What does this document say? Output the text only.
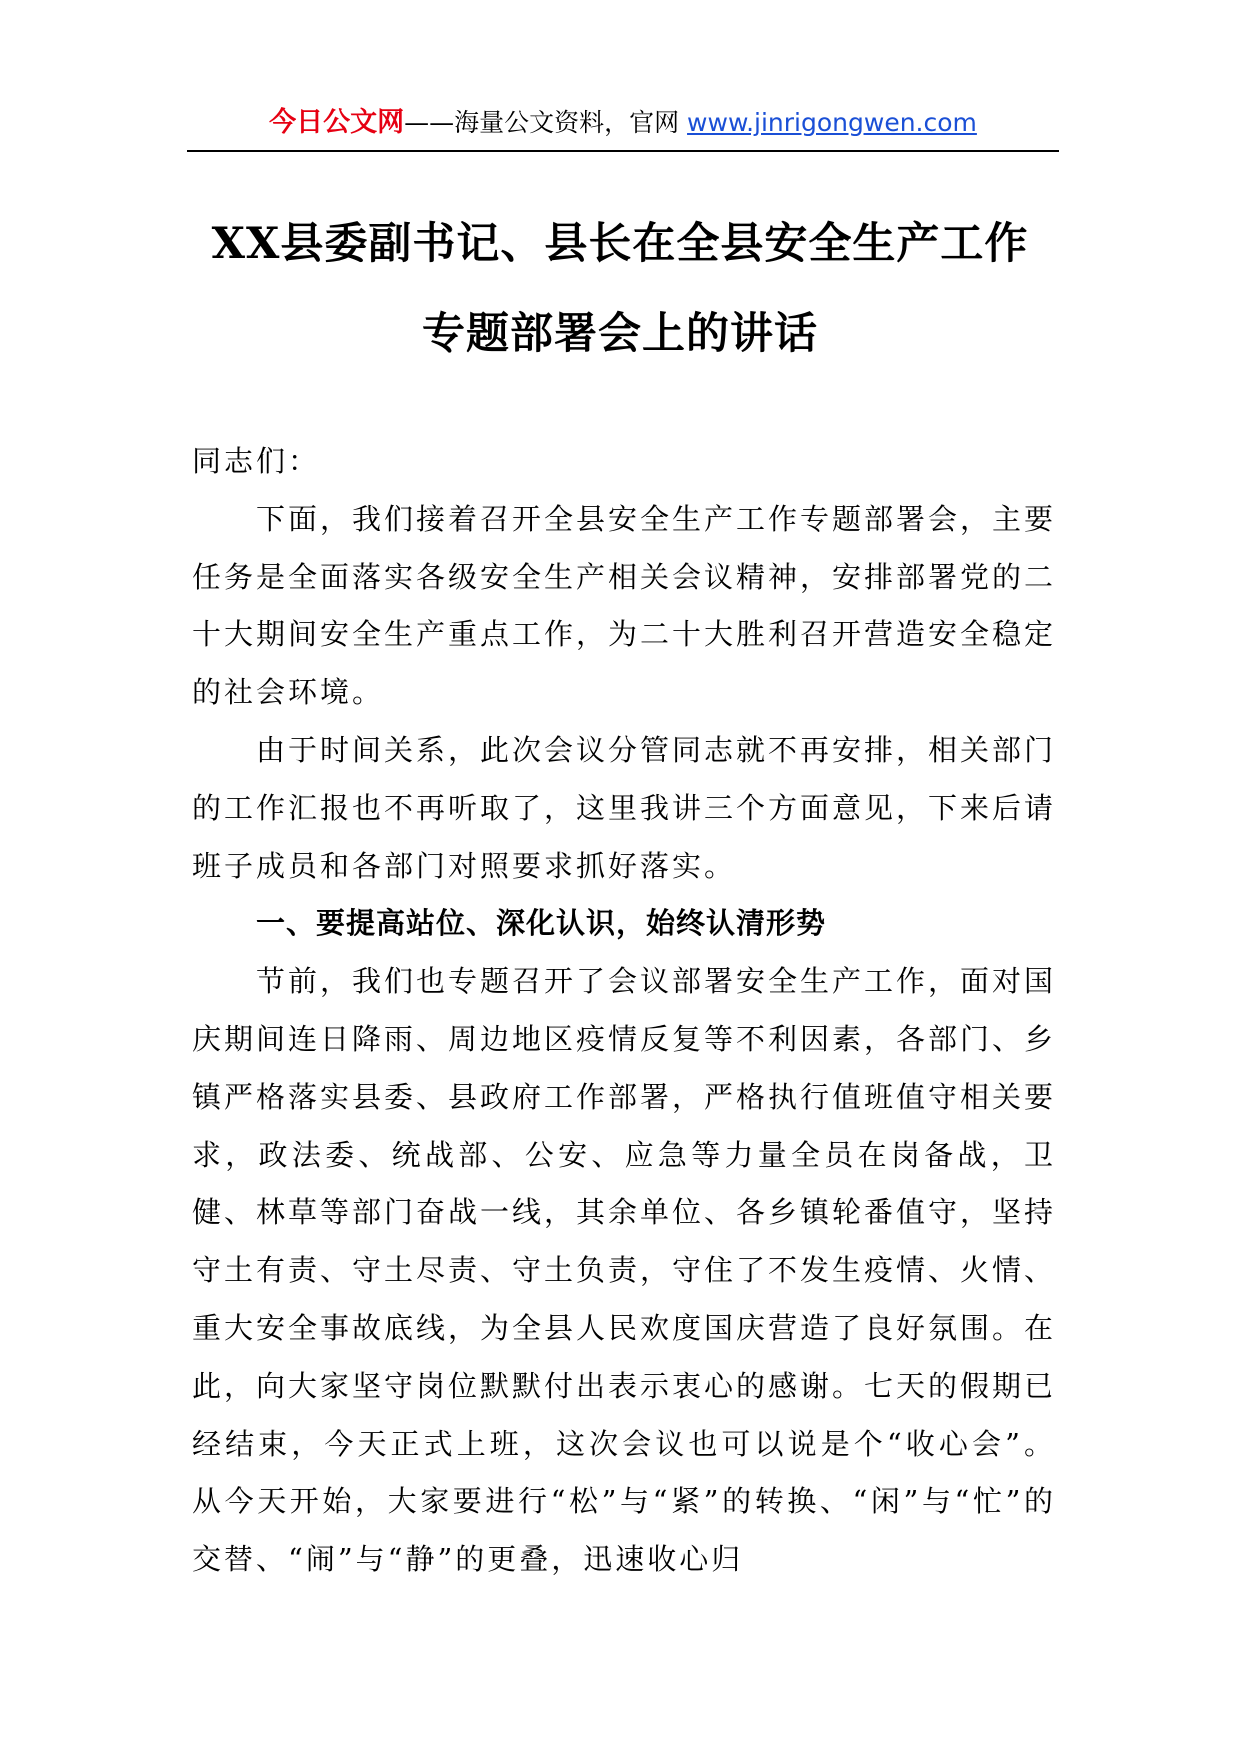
今日公文网——海量公文资料，官网 www.jinrigongwen.com
XX县委副书记、县长在全县安全生产工作
专题部署会上的讲话

同志们：

下面，我们接着召开全县安全生产工作专题部署会，主要任务是全面落实各级安全生产相关会议精神，安排部署党的二十大期间安全生产重点工作，为二十大胜利召开营造安全稳定的社会环境。

由于时间关系，此次会议分管同志就不再安排，相关部门的工作汇报也不再听取了，这里我讲三个方面意见，下来后请班子成员和各部门对照要求抓好落实。

一、要提高站位、深化认识，始终认清形势

节前，我们也专题召开了会议部署安全生产工作，面对国庆期间连日降雨、周边地区疫情反复等不利因素，各部门、乡镇严格落实县委、县政府工作部署，严格执行值班值守相关要求，政法委、统战部、公安、应急等力量全员在岗备战，卫健、林草等部门奋战一线，其余单位、各乡镇轮番值守，坚持守土有责、守土尽责、守土负责，守住了不发生疫情、火情、重大安全事故底线，为全县人民欢度国庆营造了良好氛围。在此，向大家坚守岗位默默付出表示衷心的感谢。七天的假期已经结束，今天正式上班，这次会议也可以说是个“收心会”。从今天开始，大家要进行“松”与“紧”的转换、“闲”与“忙”的交替、“闹”与“静”的更叠，迅速收心归
